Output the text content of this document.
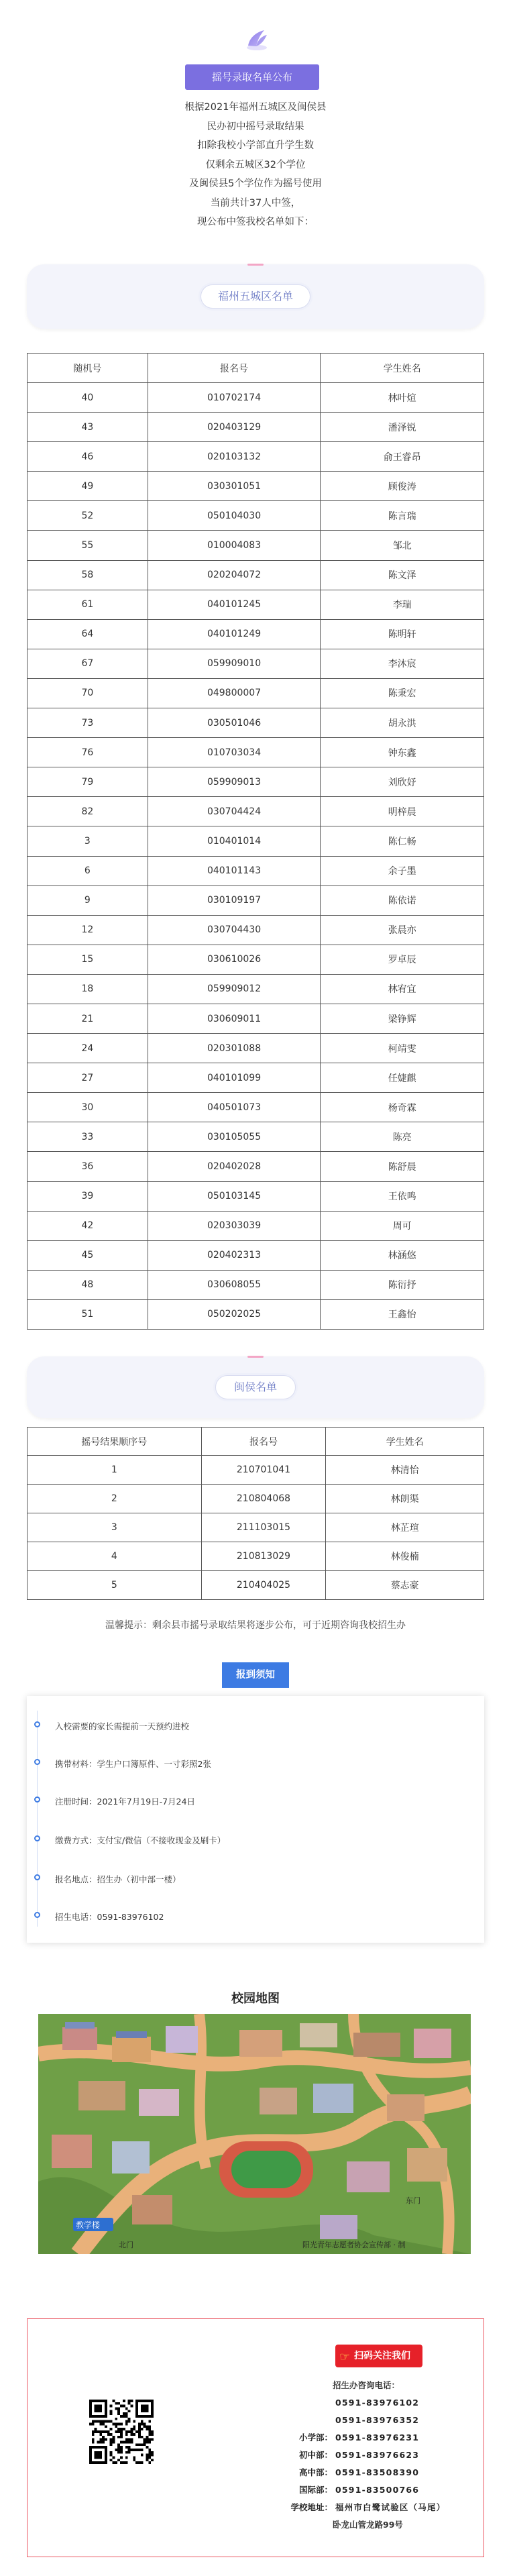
摇号录取名单公布
根据2021年福州五城区及闽侯县
民办初中摇号录取结果
扣除我校小学部直升学生数
仅剩余五城区32个学位
及闽侯县5个学位作为摇号使用
当前共计37人中签，
现公布中签我校名单如下：
福州五城区名单
随机号	报名号	学生姓名
40	010702174	林叶煊
43	020403129	潘泽锐
46	020103132	俞王睿昂
49	030301051	顾俊涛
52	050104030	陈言瑞
55	010004083	邹北
58	020204072	陈文泽
61	040101245	李瑞
64	040101249	陈明轩
67	059909010	李沐宸
70	049800007	陈秉宏
73	030501046	胡永洪
76	010703034	钟东鑫
79	059909013	刘欣妤
82	030704424	明梓晨
3	010401014	陈仁畅
6	040101143	余子墨
9	030109197	陈依诺
12	030704430	张晨亦
15	030610026	罗卓辰
18	059909012	林宥宜
21	030609011	梁铮辉
24	020301088	柯靖雯
27	040101099	任婕麒
30	040501073	杨奇霖
33	030105055	陈亮
36	020402028	陈舒晨
39	050103145	王依鸣
42	020303039	周可
45	020402313	林涵悠
48	030608055	陈衍抒
51	050202025	王鑫怡
闽侯名单
摇号结果顺序号	报名号	学生姓名
1	210701041	林清怡
2	210804068	林朗渠
3	211103015	林芷瑄
4	210813029	林俊楠
5	210404025	蔡志豪
温馨提示：剩余县市摇号录取结果将逐步公布，可于近期咨询我校招生办
报到须知
入校需要的家长需提前一天预约进校
携带材料：学生户口簿原件、一寸彩照2张
注册时间：2021年7月19日-7月24日
缴费方式：支付宝/微信（不接收现金及刷卡）
报名地点：招生办（初中部一楼）
招生电话：0591-83976102
校园地图
教学楼
北门
东门
阳光青年志愿者协会宣传部 · 制
☞ 扫码关注我们
招生办咨询电话：
0591-83976102
0591-83976352
小学部： 0591-83976231
初中部： 0591-83976623
高中部： 0591-83508390
国际部： 0591-83500766
学校地址： 福州市白鹭试验区（马尾）
卧龙山管龙路99号
